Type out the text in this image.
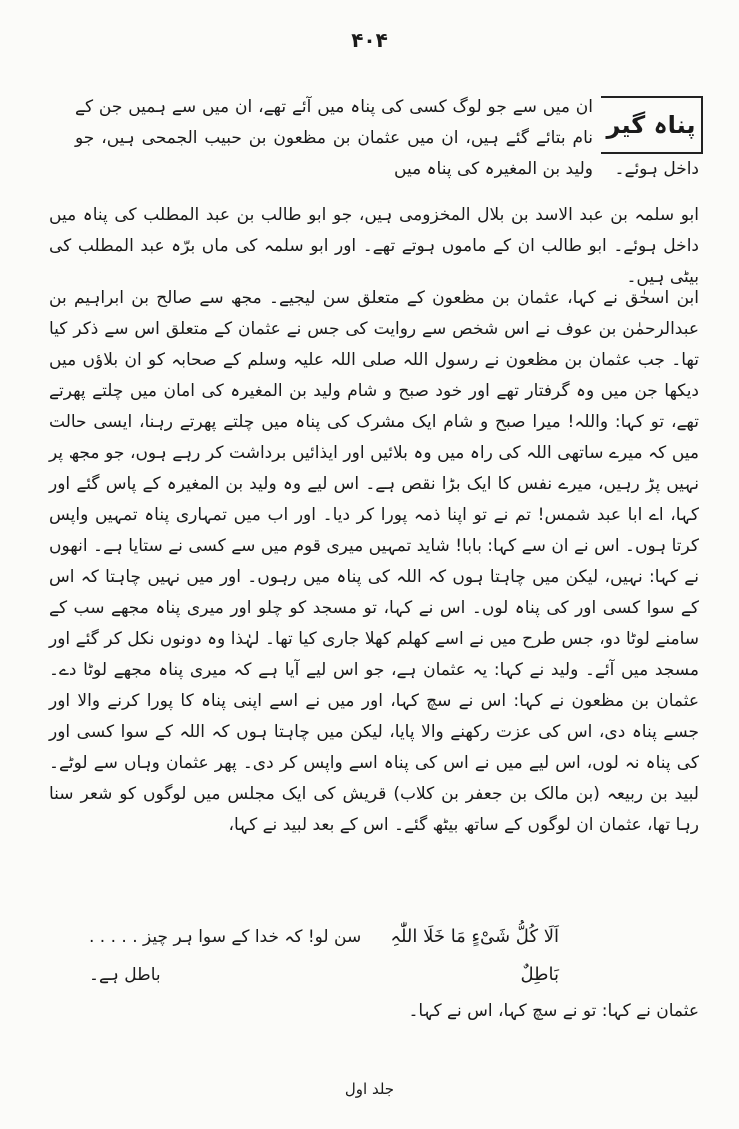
۴۰۴
پناہ گیر

ان میں سے جو لوگ کسی کی پناہ میں آئے تھے، ان میں سے ہمیں جن کے نام بتائے گئے ہیں، ان میں عثمان بن مظعون بن حبیب الجمحی ہیں، جو ولید بن المغیرہ کی پناہ میں	داخل ہوئے۔

ابو سلمہ بن عبد الاسد بن بلال المخزومی ہیں، جو ابو طالب بن عبد المطلب کی پناہ میں داخل ہوئے۔ ابو طالب ان کے ماموں ہوتے تھے۔ اور ابو سلمہ کی ماں برّہ عبد المطلب کی بیٹی ہیں۔

ابن اسحٰق نے کہا، عثمان بن مظعون کے متعلق سن لیجیے۔ مجھ سے صالح بن ابراہیم بن عبدالرحمٰن بن عوف نے اس شخص سے روایت کی جس نے عثمان کے متعلق اس سے ذکر کیا تھا۔ جب عثمان بن مظعون نے رسول اللہ صلی اللہ علیہ وسلم کے صحابہ کو ان بلاؤں میں دیکھا جن میں وہ گرفتار تھے اور خود صبح و شام ولید بن المغیرہ کی امان میں چلتے پھرتے تھے، تو کہا: واللہ! میرا صبح و شام ایک مشرک کی پناہ میں چلتے پھرتے رہنا، ایسی حالت میں کہ میرے ساتھی اللہ کی راہ میں وہ بلائیں اور ایذائیں برداشت کر رہے ہوں، جو مجھ پر نہیں پڑ رہیں، میرے نفس کا ایک بڑا نقص ہے۔ اس لیے وہ ولید بن المغیرہ کے پاس گئے اور کہا، اے ابا عبد شمس! تم نے تو اپنا ذمہ پورا کر دیا۔ اور اب میں تمہاری پناہ تمہیں واپس کرتا ہوں۔ اس نے ان سے کہا: بابا! شاید تمہیں میری قوم میں سے کسی نے ستایا ہے۔ انھوں نے کہا: نہیں، لیکن میں چاہتا ہوں کہ اللہ کی پناہ میں رہوں۔ اور میں نہیں چاہتا کہ اس کے سوا کسی اور کی پناہ لوں۔ اس نے کہا، تو مسجد کو چلو اور میری پناہ مجھے سب کے سامنے لوٹا دو، جس طرح میں نے اسے کھلم کھلا جاری کیا تھا۔ لہٰذا وہ دونوں نکل کر گئے اور مسجد میں آئے۔ ولید نے کہا: یہ عثمان ہے، جو اس لیے آیا ہے کہ میری پناہ مجھے لوٹا دے۔ عثمان بن مظعون نے کہا: اس نے سچ کہا، اور میں نے اسے اپنی پناہ کا پورا کرنے والا اور جسے پناہ دی، اس کی عزت رکھنے والا پایا، لیکن میں چاہتا ہوں کہ اللہ کے سوا کسی اور کی پناہ نہ لوں، اس لیے میں نے اس کی پناہ اسے واپس کر دی۔ پھر عثمان وہاں سے لوٹے۔ لبید بن ربیعہ (بن مالک بن جعفر بن کلاب) قریش کی ایک مجلس میں لوگوں کو شعر سنا رہا تھا، عثمان ان لوگوں کے ساتھ بیٹھ گئے۔ اس کے بعد لبید نے کہا،

اَلَا کُلُّ شَیْءٍ مَا خَلَا اللّٰہِ
سن لو! کہ خدا کے سوا ہر چیز . . . . .
بَاطِلٌ
باطل ہے۔
عثمان نے کہا: تو نے سچ کہا، اس نے کہا۔
جلد اول
